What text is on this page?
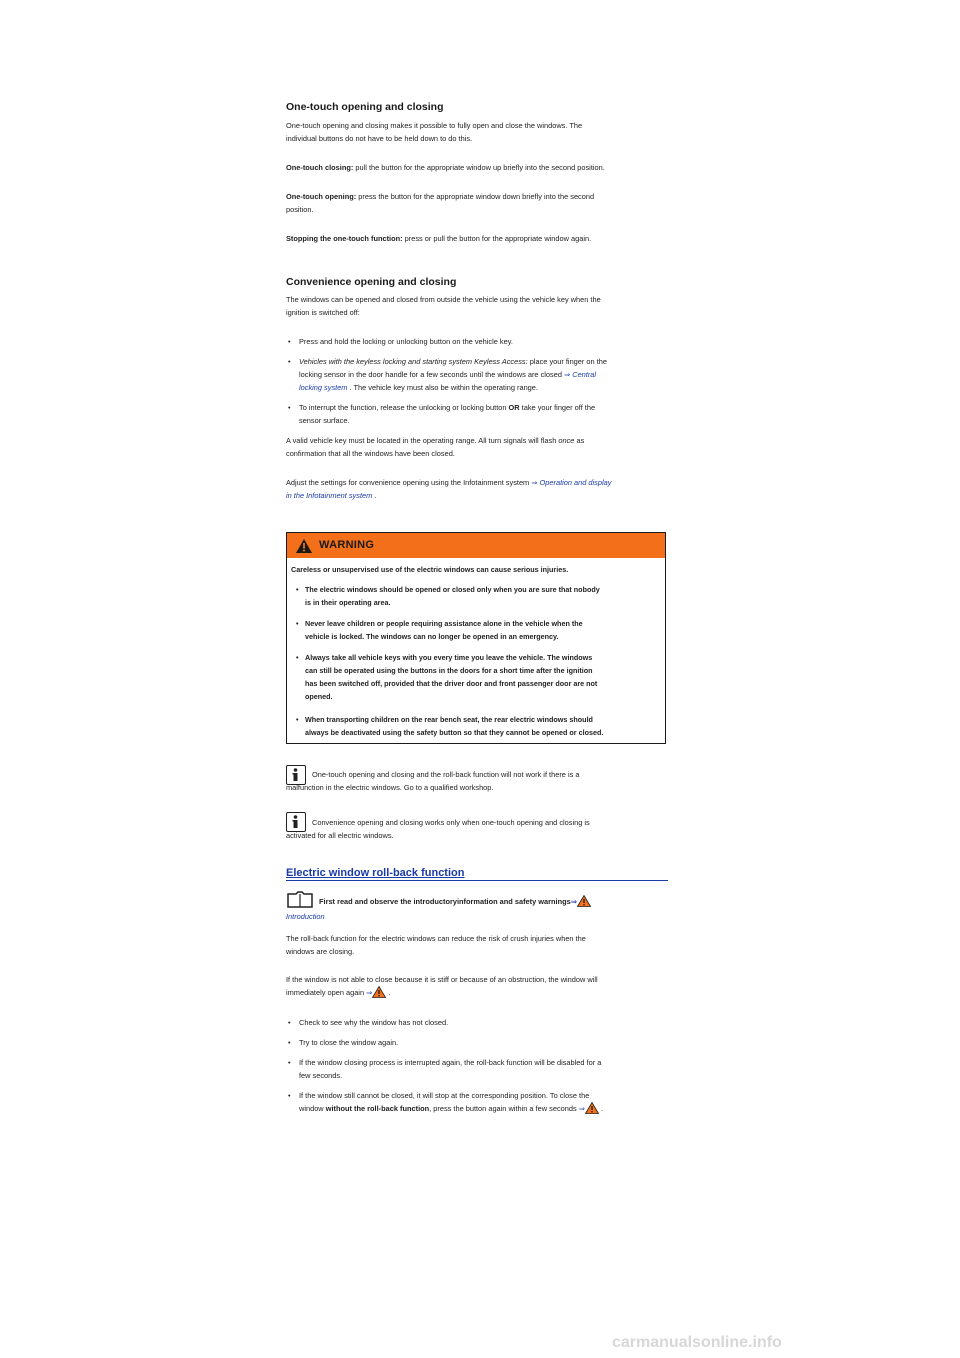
One-touch opening and closing
One-touch opening and closing makes it possible to fully open and close the windows. The
individual buttons do not have to be held down to do this.
One-touch closing: pull the button for the appropriate window up briefly into the second position.
One-touch opening: press the button for the appropriate window down briefly into the second
position.
Stopping the one-touch function: press or pull the button for the appropriate window again.
Convenience opening and closing
The windows can be opened and closed from outside the vehicle using the vehicle key when the
ignition is switched off:
• Press and hold the locking or unlocking button on the vehicle key.
• Vehicles with the keyless locking and starting system Keyless Access: place your finger on the
locking sensor in the door handle for a few seconds until the windows are closed ⇒ Central
locking system . The vehicle key must also be within the operating range.
• To interrupt the function, release the unlocking or locking button OR take your finger off the
sensor surface.
A valid vehicle key must be located in the operating range. All turn signals will flash once as
confirmation that all the windows have been closed.
Adjust the settings for convenience opening using the Infotainment system ⇒ Operation and display
in the Infotainment system .
WARNING
Careless or unsupervised use of the electric windows can cause serious injuries.
• The electric windows should be opened or closed only when you are sure that nobody
is in their operating area.
• Never leave children or people requiring assistance alone in the vehicle when the
vehicle is locked. The windows can no longer be opened in an emergency.
• Always take all vehicle keys with you every time you leave the vehicle. The windows
can still be operated using the buttons in the doors for a short time after the ignition
has been switched off, provided that the driver door and front passenger door are not
opened.
• When transporting children on the rear bench seat, the rear electric windows should
always be deactivated using the safety button so that they cannot be opened or closed.
One-touch opening and closing and the roll-back function will not work if there is a
malfunction in the electric windows. Go to a qualified workshop.
Convenience opening and closing works only when one-touch opening and closing is
activated for all electric windows.
Electric window roll-back function
First read and observe the introductoryinformation and safety warnings⇒
Introduction
The roll-back function for the electric windows can reduce the risk of crush injuries when the
windows are closing.
If the window is not able to close because it is stiff or because of an obstruction, the window will
immediately open again ⇒ .
• Check to see why the window has not closed.
• Try to close the window again.
• If the window closing process is interrupted again, the roll-back function will be disabled for a
few seconds.
• If the window still cannot be closed, it will stop at the corresponding position. To close the
window without the roll-back function, press the button again within a few seconds ⇒ .
carmanualsonline.info
